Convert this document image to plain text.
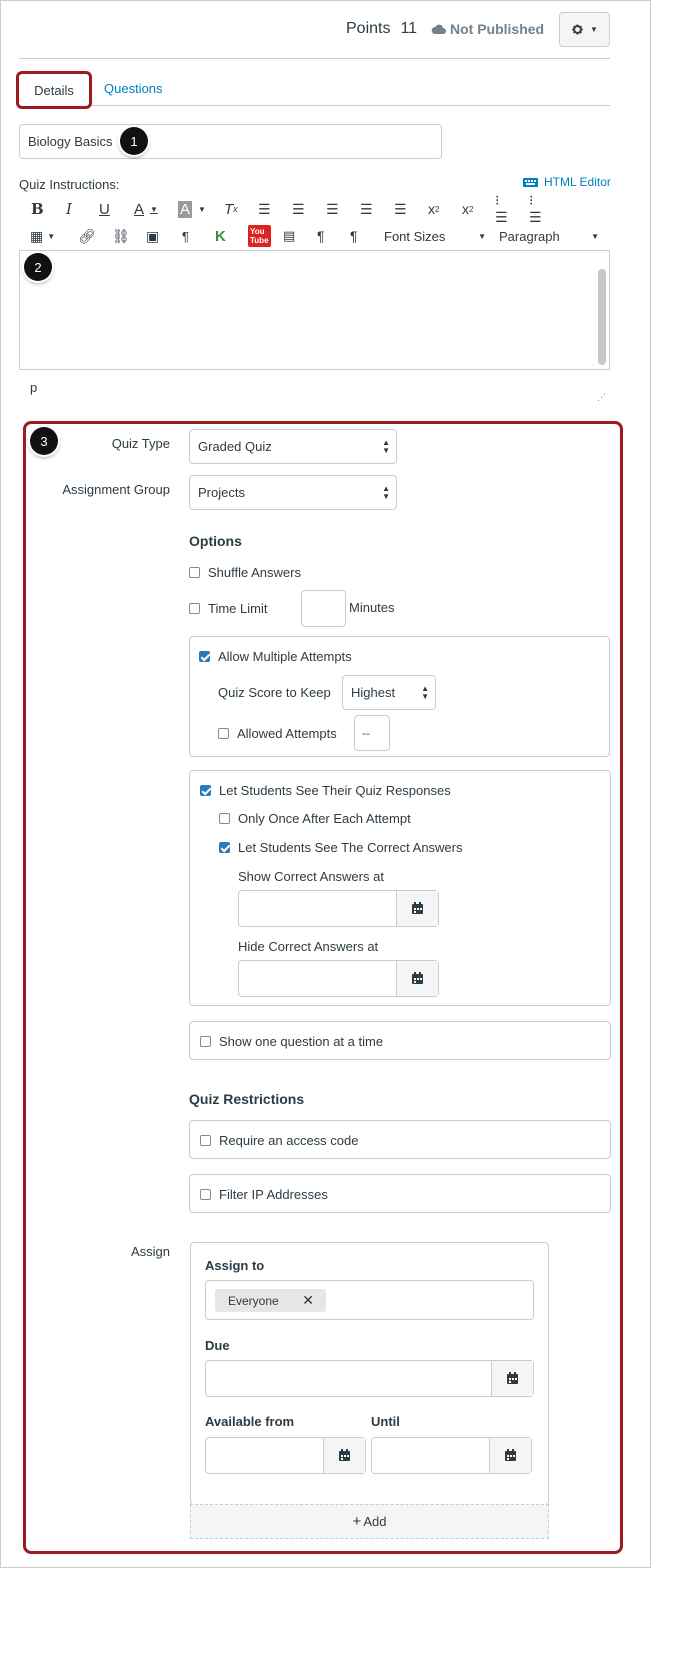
Points 11 Not Published	▼
Details Questions
Biology Basics	1
Quiz Instructions:	HTML Editor
B I U A ▼ A ▼ T x ☰ ☰ ☰ ☰ ☰ x 2 x 2
⁝☰
⁝☰
▦ ▼ 🔗︎ ⛓︎ ▣ ¶ K	You
Tube ▤ ¶ ¶ Font Sizes	▼ Paragraph	▼
2
p
⋰
3	Quiz Type	Graded Quiz	▲
▼
Assignment Group	Projects	▲
▼
Options
Shuffle Answers
Time Limit	Minutes
Allow Multiple Attempts
Quiz Score to Keep	Highest	▲
▼
Allowed Attempts	--
Let Students See Their Quiz Responses
Only Once After Each Attempt
Let Students See The Correct Answers
Show Correct Answers at
Hide Correct Answers at
Show one question at a time
Quiz Restrictions
Require an access code
Filter IP Addresses
Assign
Assign to
Everyone ✕
Due
Available from	Until
+ Add
